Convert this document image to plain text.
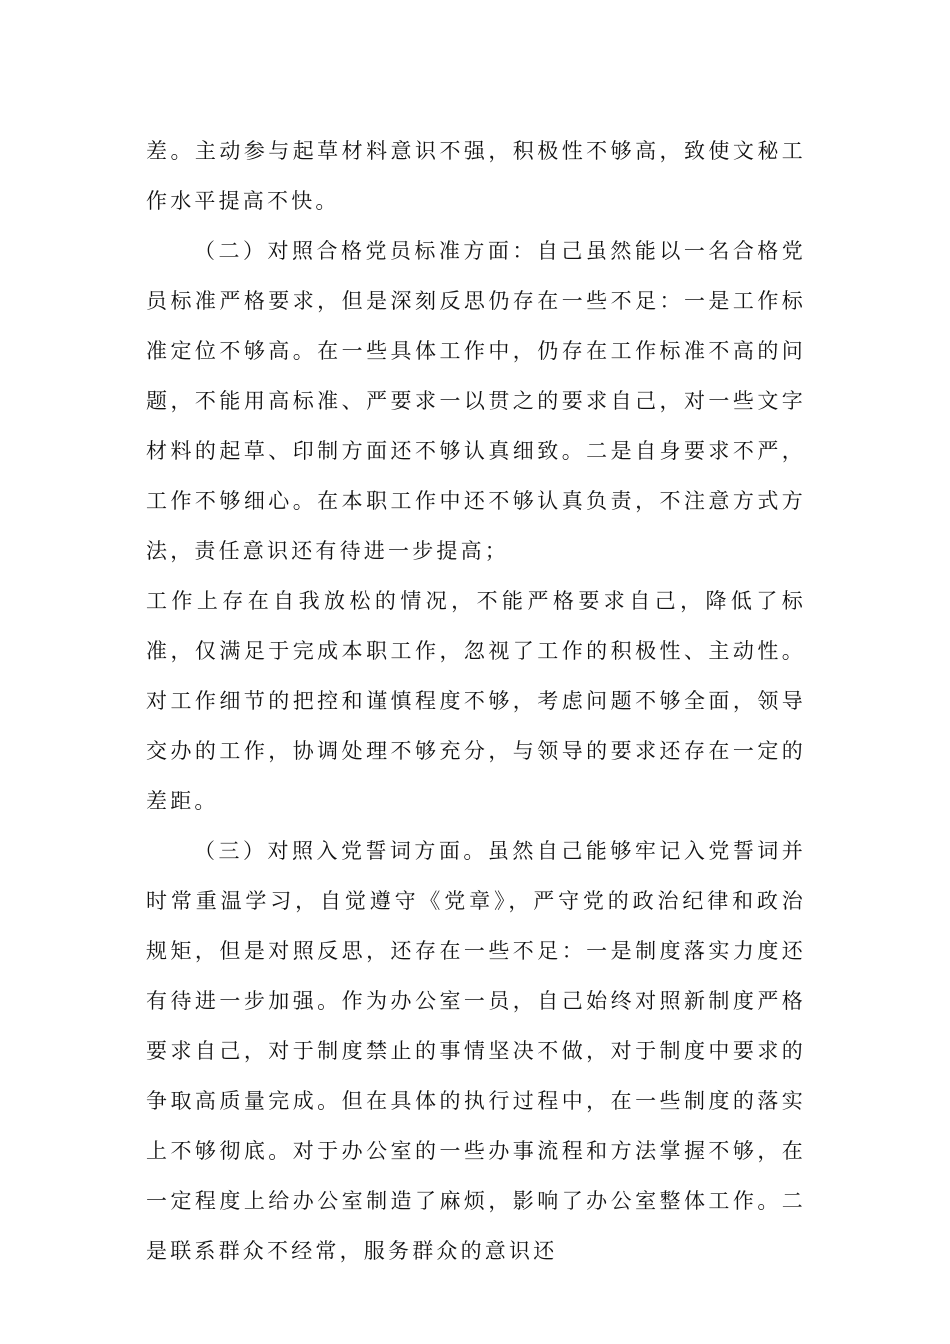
差。主动参与起草材料意识不强，积极性不够高，致使文秘工作水平提高不快。

（二）对照合格党员标准方面：自己虽然能以一名合格党员标准严格要求，但是深刻反思仍存在一些不足：一是工作标准定位不够高。在一些具体工作中，仍存在工作标准不高的问题，不能用高标准、严要求一以贯之的要求自己，对一些文字材料的起草、印制方面还不够认真细致。二是自身要求不严，工作不够细心。在本职工作中还不够认真负责，不注意方式方法，责任意识还有待进一步提高；

工作上存在自我放松的情况，不能严格要求自己，降低了标准，仅满足于完成本职工作，忽视了工作的积极性、主动性。对工作细节的把控和谨慎程度不够，考虑问题不够全面，领导交办的工作，协调处理不够充分，与领导的要求还存在一定的差距。

（三）对照入党誓词方面。虽然自己能够牢记入党誓词并时常重温学习，自觉遵守《党章》，严守党的政治纪律和政治规矩，但是对照反思，还存在一些不足：一是制度落实力度还有待进一步加强。作为办公室一员，自己始终对照新制度严格要求自己，对于制度禁止的事情坚决不做，对于制度中要求的争取高质量完成。但在具体的执行过程中，在一些制度的落实上不够彻底。对于办公室的一些办事流程和方法掌握不够，在一定程度上给办公室制造了麻烦，影响了办公室整体工作。二是联系群众不经常，服务群众的意识还
